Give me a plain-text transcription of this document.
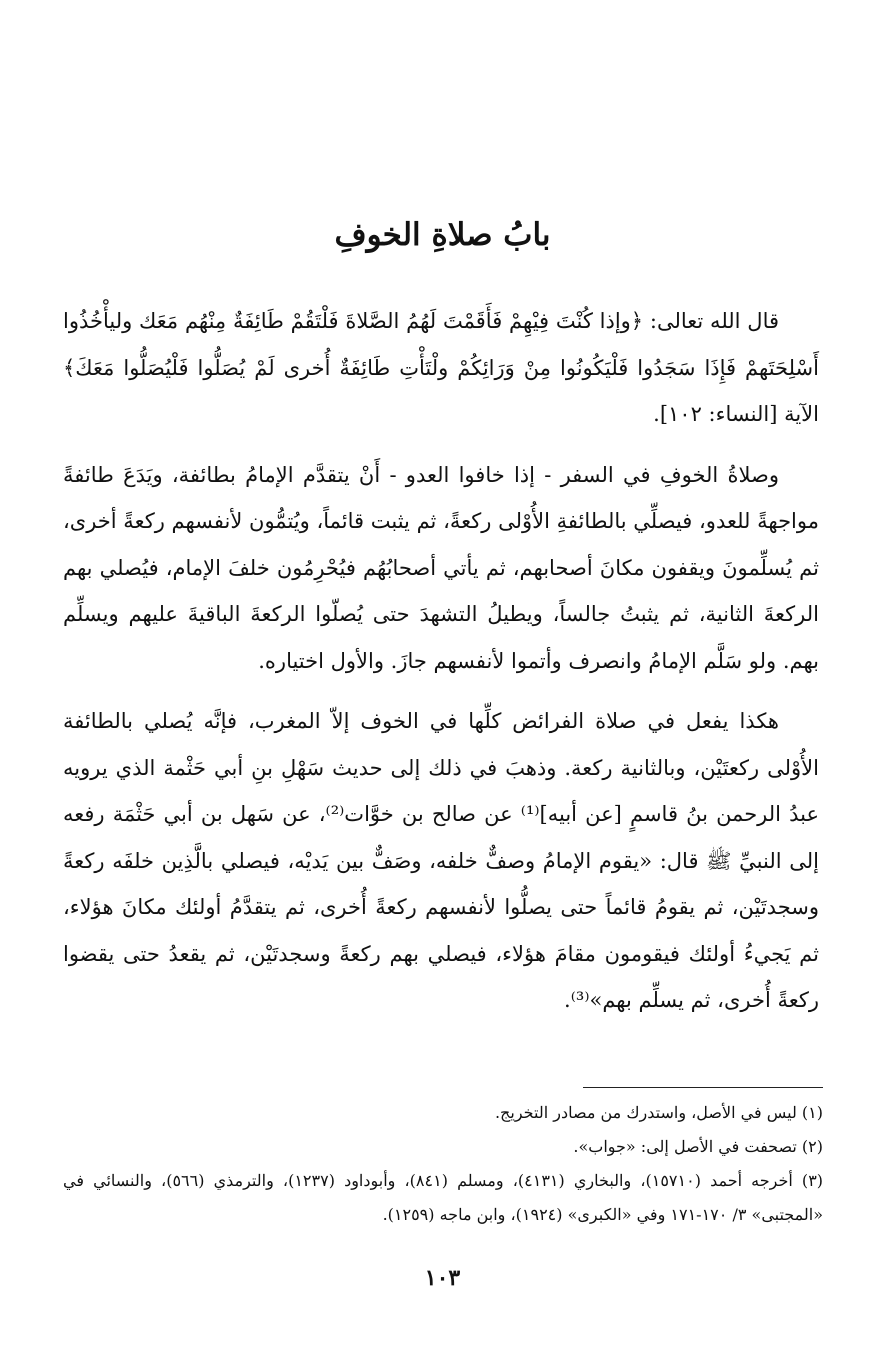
بابُ صلاةِ الخوفِ

قال الله تعالى: ﴿وإذا كُنْتَ فِيْهِمْ فَأَقَمْتَ لَهُمُ الصَّلاةَ فَلْتَقُمْ طَائِفَةٌ مِنْهُم مَعَك وليأْخُذُوا أَسْلِحَتَهمْ فَإِذَا سَجَدُوا فَلْيَكُونُوا مِنْ وَرَائِكُمْ ولْتَأْتِ طَائِفَةٌ أُخرى لَمْ يُصَلُّوا فَلْيُصَلُّوا مَعَكَ﴾ الآية [النساء: ١٠٢].

وصلاةُ الخوفِ في السفر - إذا خافوا العدو - أَنْ يتقدَّم الإمامُ بطائفة، ويَدَعَ طائفةً مواجهةً للعدو، فيصلِّي بالطائفةِ الأُوْلى ركعةً، ثم يثبت قائماً، ويُتمُّون لأنفسهم ركعةً أخرى، ثم يُسلِّمونَ ويقفون مكانَ أصحابهم، ثم يأتي أصحابُهُم فيُحْرِمُون خلفَ الإمام، فيُصلي بهم الركعةَ الثانية، ثم يثبتُ جالساً، ويطيلُ التشهدَ حتى يُصلّوا الركعةَ الباقيةَ عليهم ويسلِّم بهم. ولو سَلَّم الإمامُ وانصرف وأتموا لأنفسهم جازَ. والأول اختياره.

هكذا يفعل في صلاة الفرائض كلِّها في الخوف إلاّ المغرب، فإنَّه يُصلي بالطائفة الأُوْلى ركعتَيْن، وبالثانية ركعة. وذهبَ في ذلك إلى حديث سَهْلِ بنِ أبي حَثْمة الذي يرويه عبدُ الرحمن بنُ قاسمٍ [عن أبيه]⁽¹⁾ عن صالح بن خوَّات⁽²⁾، عن سَهل بن أبي حَثْمَة رفعه إلى النبيِّ ﷺ قال: «يقوم الإمامُ وصفٌّ خلفه، وصَفٌّ بين يَديْه، فيصلي بالَّذِين خلفَه ركعةً وسجدتَيْن، ثم يقومُ قائماً حتى يصلُّوا لأنفسهم ركعةً أُخرى، ثم يتقدَّمُ أولئك مكانَ هؤلاء، ثم يَجيءُ أولئك فيقومون مقامَ هؤلاء، فيصلي بهم ركعةً وسجدتَيْن، ثم يقعدُ حتى يقضوا ركعةً أُخرى، ثم يسلِّم بهم»⁽³⁾.

(١) ليس في الأصل، واستدرك من مصادر التخريج.

(٢) تصحفت في الأصل إلى: «جواب».

(٣) أخرجه أحمد (١٥٧١٠)، والبخاري (٤١٣١)، ومسلم (٨٤١)، وأبوداود (١٢٣٧)، والترمذي (٥٦٦)، والنسائي في «المجتبى» ٣/ ١٧٠-١٧١ وفي «الكبرى» (١٩٢٤)، وابن ماجه (١٢٥٩).

١٠٣
